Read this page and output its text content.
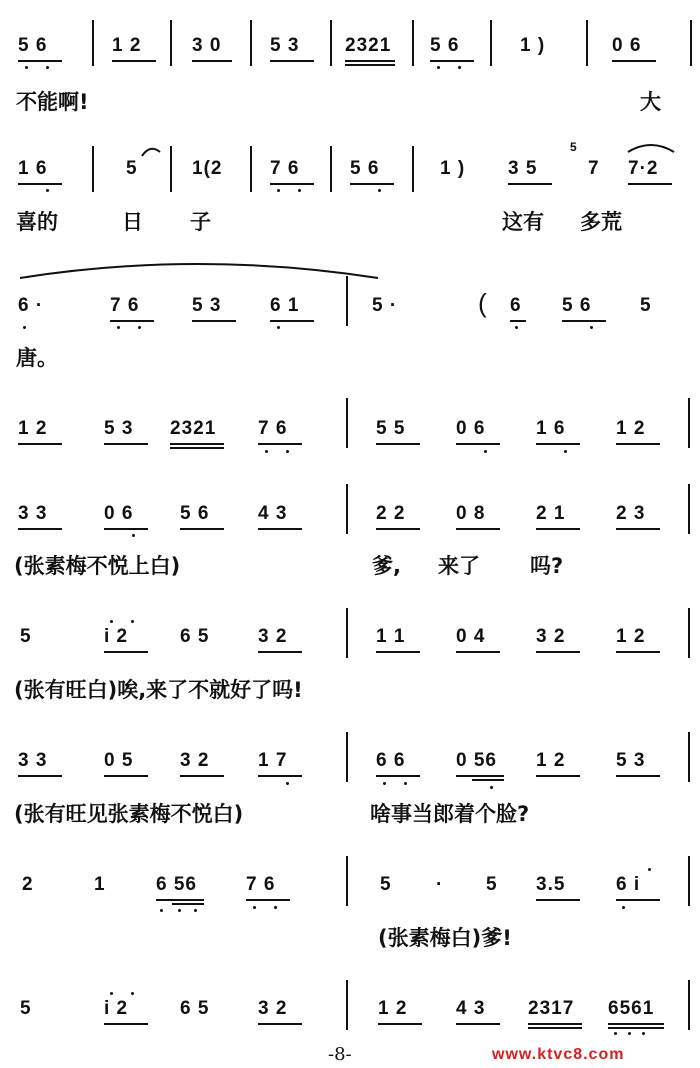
5 6	1 2	3 0	5 3 2321 5 6	1 )	0 6
不能啊!	大
1 6	5	1(2	7 6	5 6	1 ) 3 5
5
7 7·2
喜的	日 子	这有 多荒
6 ·	7 6	5 3	6 1	5 ·	( 6 5 6	5
唐。
1 2	5 3 2321 7 6	5 5	0 6	1 6	1 2
3 3	0 6 5 6	4 3	2 2	0 8	2 1	2 3
(张素梅不悦上白)	爹, 来了 吗?
5	i 2	6 5	3 2	1 1	0 4	3 2	1 2
(张有旺白)唉,来了不就好了吗!
3 3	0 5 3 2	1 7	6 6	0 56 1 2	5 3
(张有旺见张素梅不悦白)	啥事当郎着个脸?
2	1	6 56	7 6	5 · 5 3.5	6 i
(张素梅白)爹!
5	i 2	6 5	3 2	1 2	4 3 2317 6561
-8-	www.ktvc8.com
